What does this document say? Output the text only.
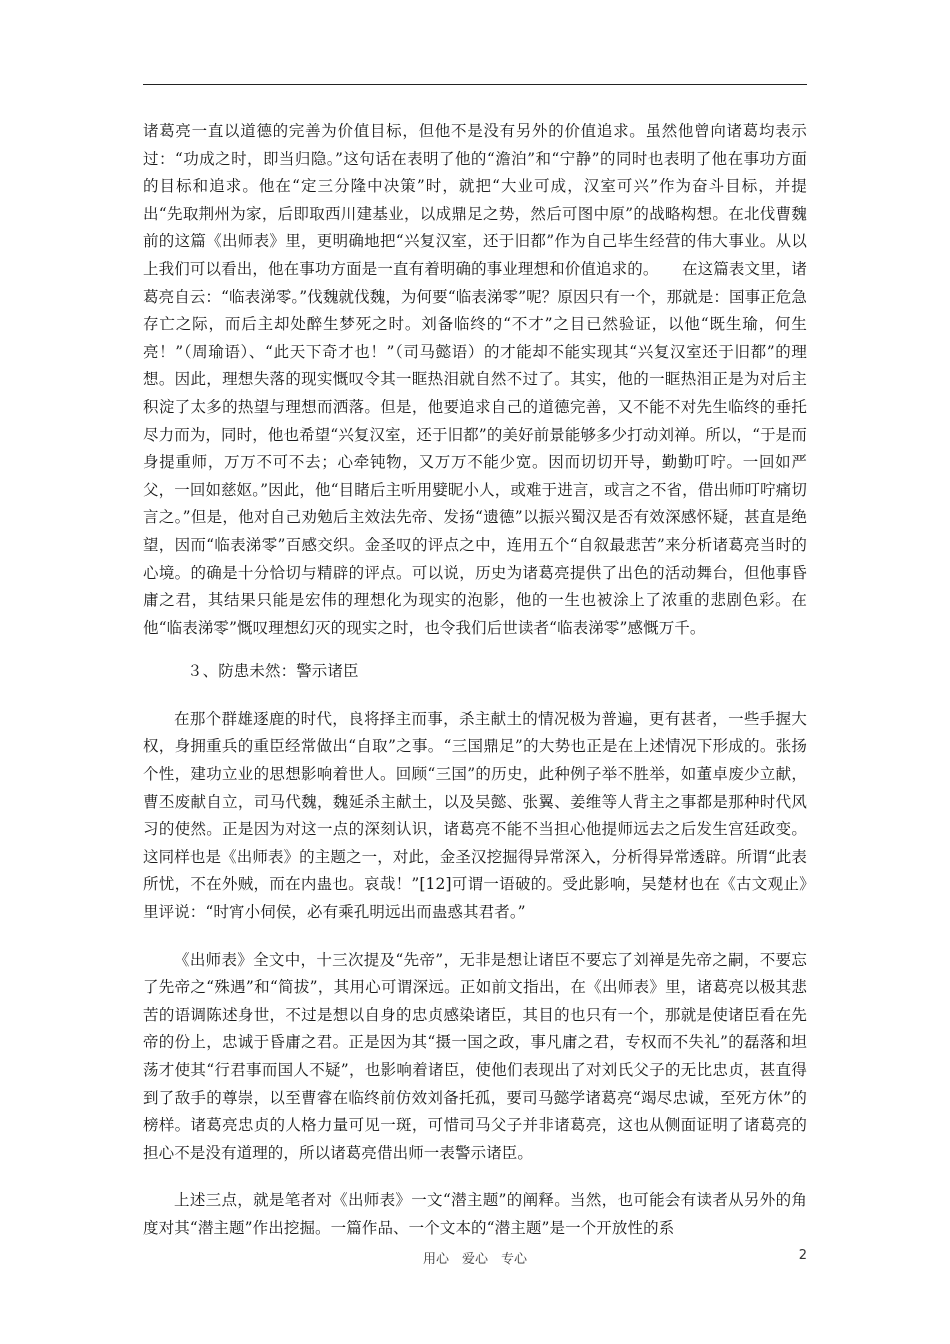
诸葛亮一直以道德的完善为价值目标，但他不是没有另外的价值追求。虽然他曾向诸葛均表示过：“功成之时，即当归隐。”这句话在表明了他的“澹泊”和“宁静”的同时也表明了他在事功方面的目标和追求。他在“定三分隆中决策”时，就把“大业可成，汉室可兴”作为奋斗目标，并提出“先取荆州为家，后即取西川建基业，以成鼎足之势，然后可图中原”的战略构想。在北伐曹魏前的这篇《出师表》里，更明确地把“兴复汉室，还于旧都”作为自己毕生经营的伟大事业。从以上我们可以看出，他在事功方面是一直有着明确的事业理想和价值追求的。　　在这篇表文里，诸葛亮自云：“临表涕零。”伐魏就伐魏，为何要“临表涕零”呢？原因只有一个，那就是：国事正危急存亡之际，而后主却处醉生梦死之时。刘备临终的“不才”之目已然验证，以他“既生瑜，何生亮！”（周瑜语）、“此天下奇才也！”（司马懿语）的才能却不能实现其“兴复汉室还于旧都”的理想。因此，理想失落的现实慨叹令其一眶热泪就自然不过了。其实，他的一眶热泪正是为对后主积淀了太多的热望与理想而洒落。但是，他要追求自己的道德完善，又不能不对先生临终的垂托尽力而为，同时，他也希望“兴复汉室，还于旧都”的美好前景能够多少打动刘禅。所以，“于是而身提重师，万万不可不去；心牵钝物，又万万不能少宽。因而切切开导，勤勤叮咛。一回如严父，一回如慈妪。”因此，他“目睹后主听用嬖昵小人，或难于进言，或言之不省，借出师叮咛痛切言之。”但是，他对自己劝勉后主效法先帝、发扬“遗德”以振兴蜀汉是否有效深感怀疑，甚直是绝望，因而“临表涕零”百感交织。金圣叹的评点之中，连用五个“自叙最悲苦”来分析诸葛亮当时的心境。的确是十分恰切与精辟的评点。可以说，历史为诸葛亮提供了出色的活动舞台，但他事昏庸之君，其结果只能是宏伟的理想化为现实的泡影，他的一生也被涂上了浓重的悲剧色彩。在他“临表涕零”慨叹理想幻灭的现实之时，也令我们后世读者“临表涕零”感慨万千。

３、防患未然：警示诸臣

在那个群雄逐鹿的时代，良将择主而事，杀主献土的情况极为普遍，更有甚者，一些手握大权，身拥重兵的重臣经常做出“自取”之事。“三国鼎足”的大势也正是在上述情况下形成的。张扬个性，建功立业的思想影响着世人。回顾“三国”的历史，此种例子举不胜举，如董卓废少立献，曹丕废献自立，司马代魏，魏延杀主献土，以及吴懿、张翼、姜维等人背主之事都是那种时代风习的使然。正是因为对这一点的深刻认识，诸葛亮不能不当担心他提师远去之后发生宫廷政变。这同样也是《出师表》的主题之一，对此，金圣汉挖掘得异常深入，分析得异常透辟。所谓“此表所忧，不在外贼，而在内蛊也。哀哉！”[12]可谓一语破的。受此影响，吴楚材也在《古文观止》里评说：“时宵小伺侯，必有乘孔明远出而蛊惑其君者。”

《出师表》全文中，十三次提及“先帝”，无非是想让诸臣不要忘了刘禅是先帝之嗣，不要忘了先帝之“殊遇”和“简拔”，其用心可谓深远。正如前文指出，在《出师表》里，诸葛亮以极其悲苦的语调陈述身世，不过是想以自身的忠贞感染诸臣，其目的也只有一个，那就是使诸臣看在先帝的份上，忠诚于昏庸之君。正是因为其“摄一国之政，事凡庸之君，专权而不失礼”的磊落和坦荡才使其“行君事而国人不疑”，也影响着诸臣，使他们表现出了对刘氏父子的无比忠贞，甚直得到了敌手的尊崇，以至曹睿在临终前仿效刘备托孤，要司马懿学诸葛亮“竭尽忠诚，至死方休”的榜样。诸葛亮忠贞的人格力量可见一斑，可惜司马父子并非诸葛亮，这也从侧面证明了诸葛亮的担心不是没有道理的，所以诸葛亮借出师一表警示诸臣。

上述三点，就是笔者对《出师表》一文“潜主题”的阐释。当然，也可能会有读者从另外的角度对其“潜主题”作出挖掘。一篇作品、一个文本的“潜主题”是一个开放性的系

用心　爱心　专心	2
